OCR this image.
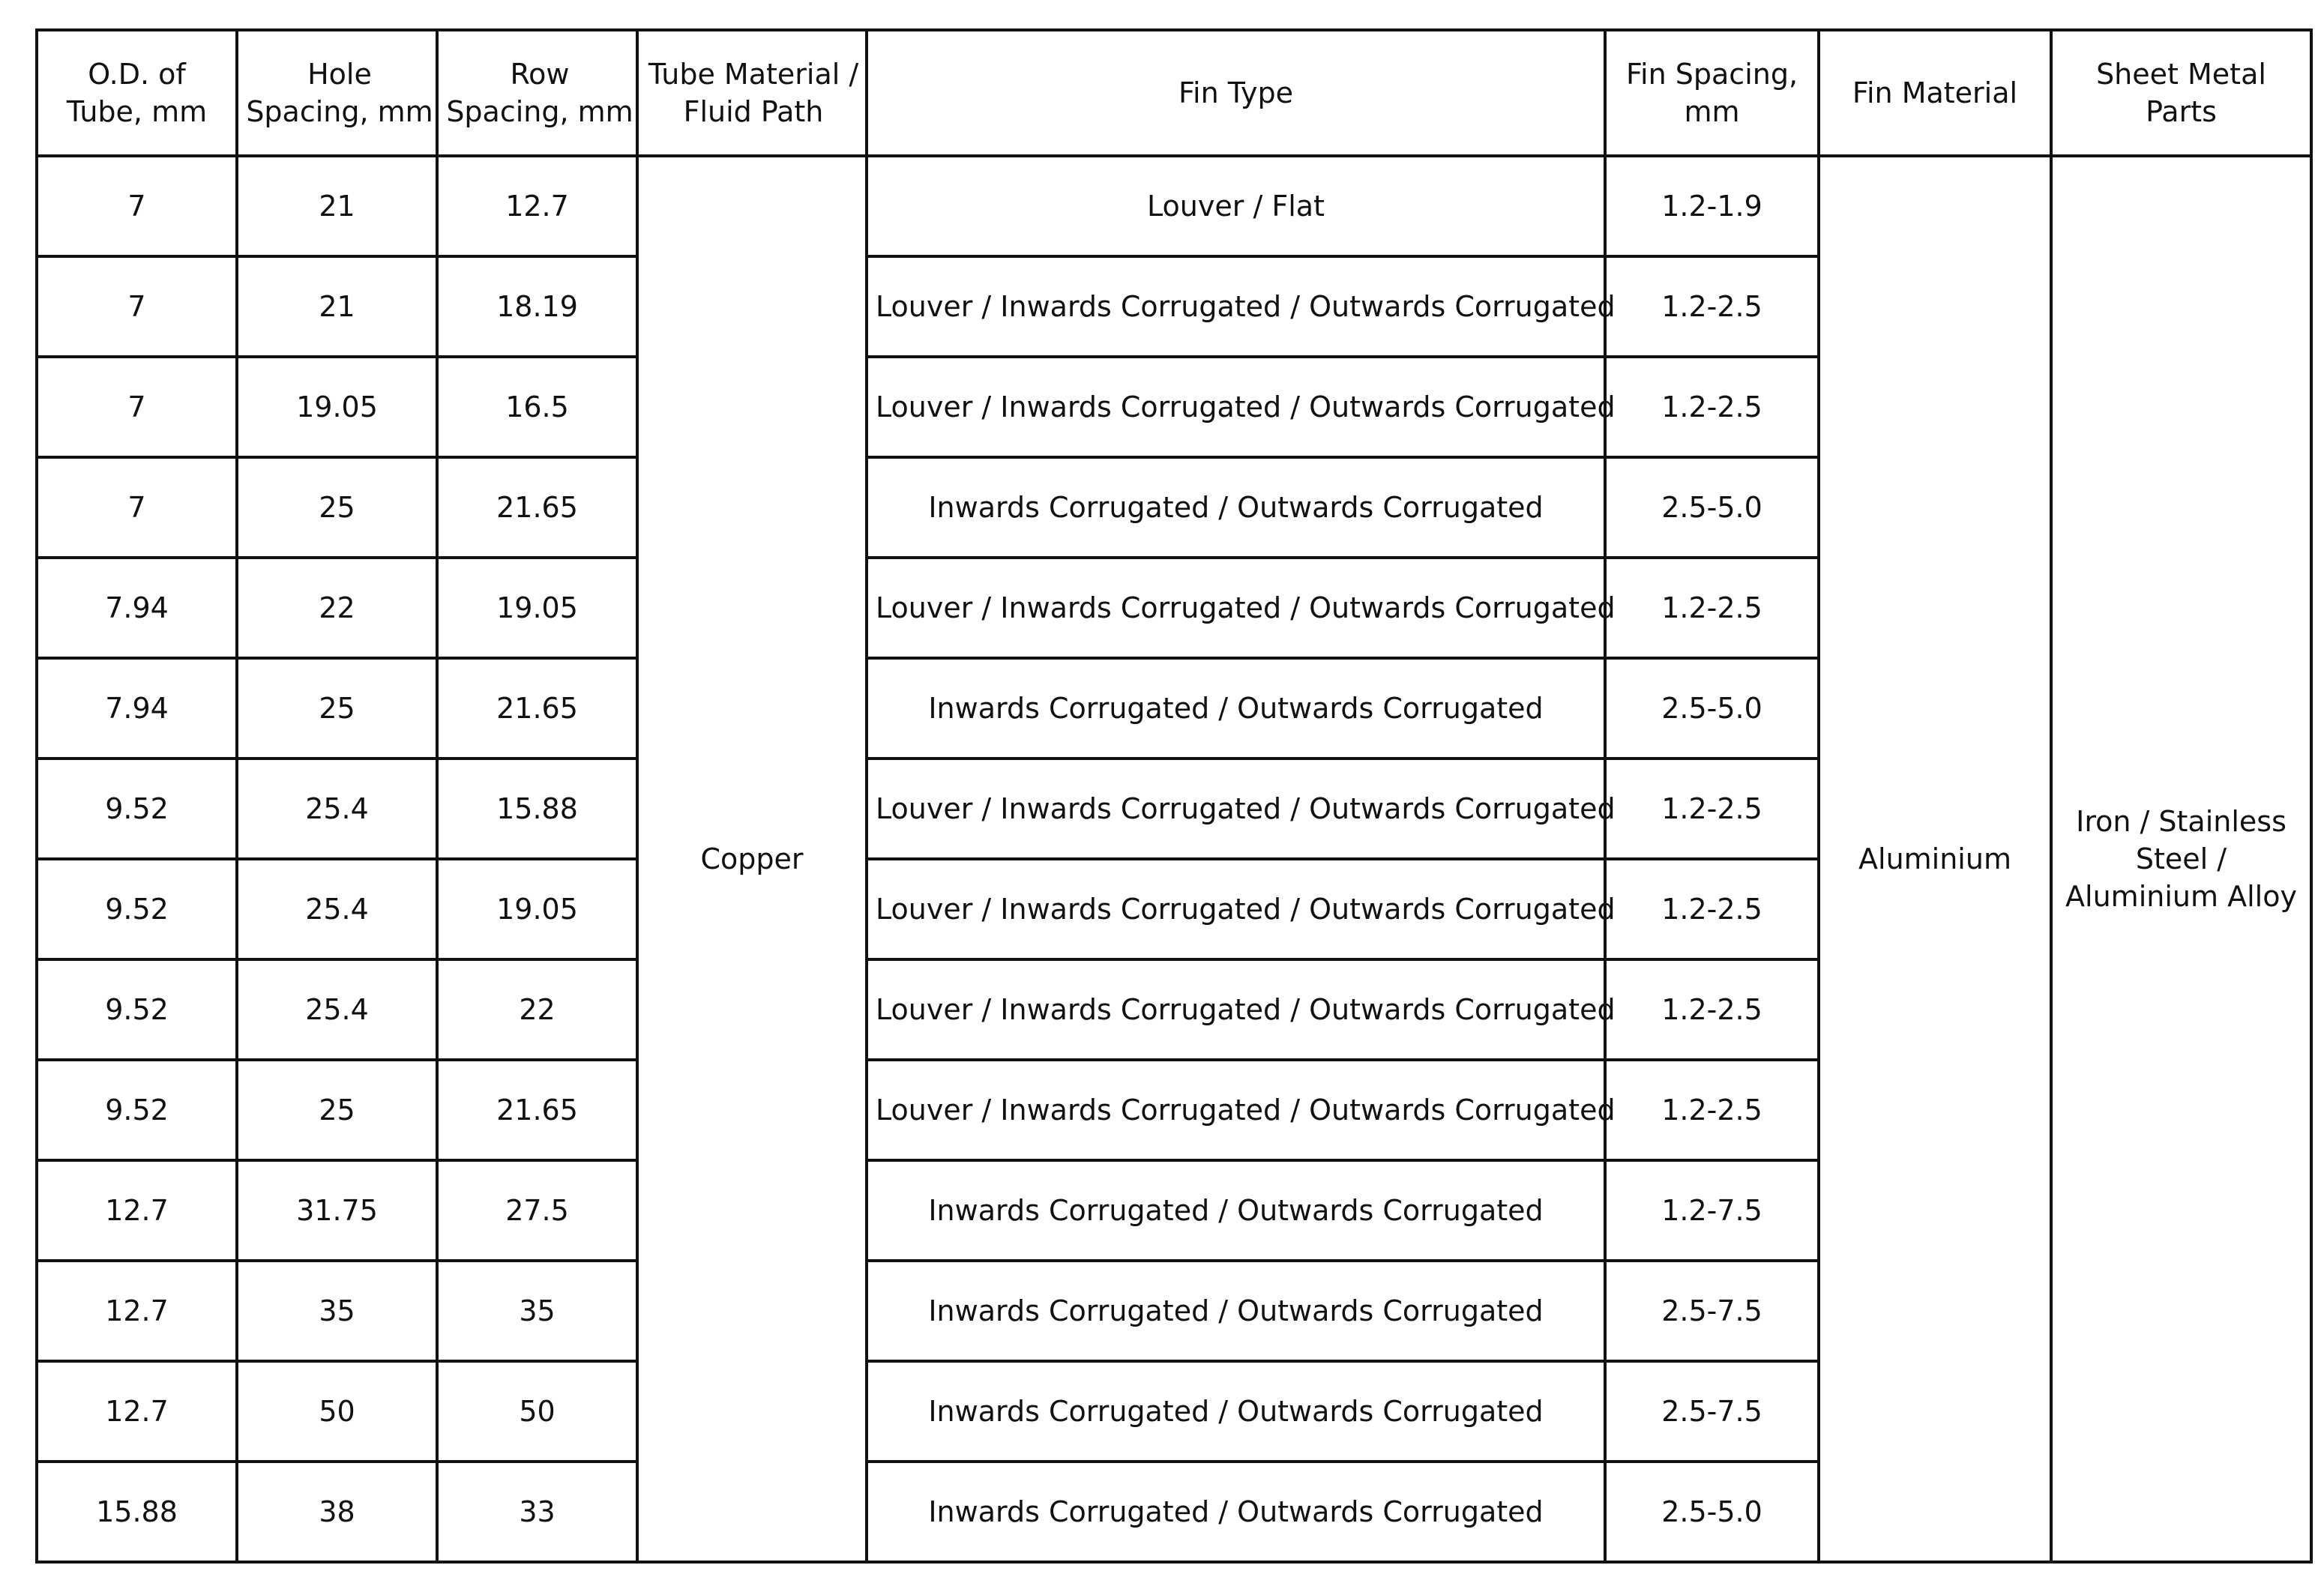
O.D. of Tube, mm	Hole Spacing, mm	Row Spacing, mm	Tube Material / Fluid Path	Fin Type	Fin Spacing, mm	Fin Material	Sheet Metal Parts
7	21	12.7	Copper	Louver / Flat	1.2-1.9	Aluminium	Iron / Stainless Steel / Aluminium Alloy
7	21	18.19		Louver / Inwards Corrugated / Outwards Corrugated	1.2-2.5		
7	19.05	16.5		Louver / Inwards Corrugated / Outwards Corrugated	1.2-2.5		
7	25	21.65		Inwards Corrugated / Outwards Corrugated	2.5-5.0		
7.94	22	19.05		Louver / Inwards Corrugated / Outwards Corrugated	1.2-2.5		
7.94	25	21.65		Inwards Corrugated / Outwards Corrugated	2.5-5.0		
9.52	25.4	15.88		Louver / Inwards Corrugated / Outwards Corrugated	1.2-2.5		
9.52	25.4	19.05		Louver / Inwards Corrugated / Outwards Corrugated	1.2-2.5		
9.52	25.4	22		Louver / Inwards Corrugated / Outwards Corrugated	1.2-2.5		
9.52	25	21.65		Louver / Inwards Corrugated / Outwards Corrugated	1.2-2.5		
12.7	31.75	27.5		Inwards Corrugated / Outwards Corrugated	1.2-7.5		
12.7	35	35		Inwards Corrugated / Outwards Corrugated	2.5-7.5		
12.7	50	50		Inwards Corrugated / Outwards Corrugated	2.5-7.5		
15.88	38	33		Inwards Corrugated / Outwards Corrugated	2.5-5.0		
